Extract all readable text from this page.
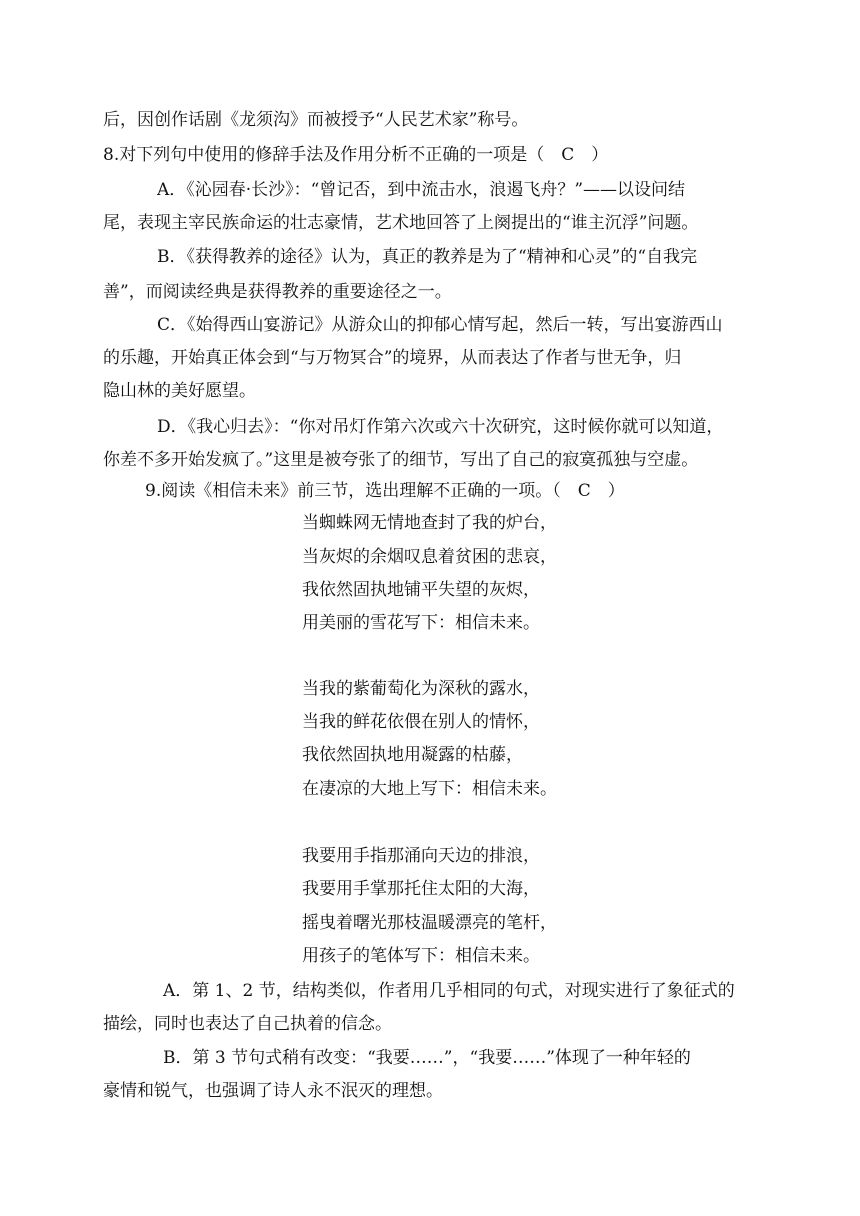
后，因创作话剧《龙须沟》而被授予“人民艺术家”称号。
8.对下列句中使用的修辞手法及作用分析不正确的一项是（　C　）
A．《沁园春·长沙》：“曾记否，到中流击水，浪遏飞舟？”——以设问结
尾，表现主宰民族命运的壮志豪情，艺术地回答了上阕提出的“谁主沉浮”问题。
B．《获得教养的途径》认为，真正的教养是为了“精神和心灵”的“自我完
善”，而阅读经典是获得教养的重要途径之一。
C．《始得西山宴游记》从游众山的抑郁心情写起，然后一转，写出宴游西山
的乐趣，开始真正体会到“与万物冥合”的境界，从而表达了作者与世无争，归
隐山林的美好愿望。
D．《我心归去》：“你对吊灯作第六次或六十次研究，这时候你就可以知道，
你差不多开始发疯了。”这里是被夸张了的细节，写出了自己的寂寞孤独与空虚。
9.阅读《相信未来》前三节，选出理解不正确的一项。（　C　）
当蜘蛛网无情地查封了我的炉台，
当灰烬的余烟叹息着贫困的悲哀，
我依然固执地铺平失望的灰烬，
用美丽的雪花写下：相信未来。
当我的紫葡萄化为深秋的露水，
当我的鲜花依偎在别人的情怀，
我依然固执地用凝露的枯藤，
在凄凉的大地上写下：相信未来。
我要用手指那涌向天边的排浪，
我要用手掌那托住太阳的大海，
摇曳着曙光那枝温暖漂亮的笔杆，
用孩子的笔体写下：相信未来。
A．第 1、2 节，结构类似，作者用几乎相同的句式，对现实进行了象征式的
描绘，同时也表达了自己执着的信念。
B．第 3 节句式稍有改变：“我要……”，“我要……”体现了一种年轻的
豪情和锐气，也强调了诗人永不泯灭的理想。
